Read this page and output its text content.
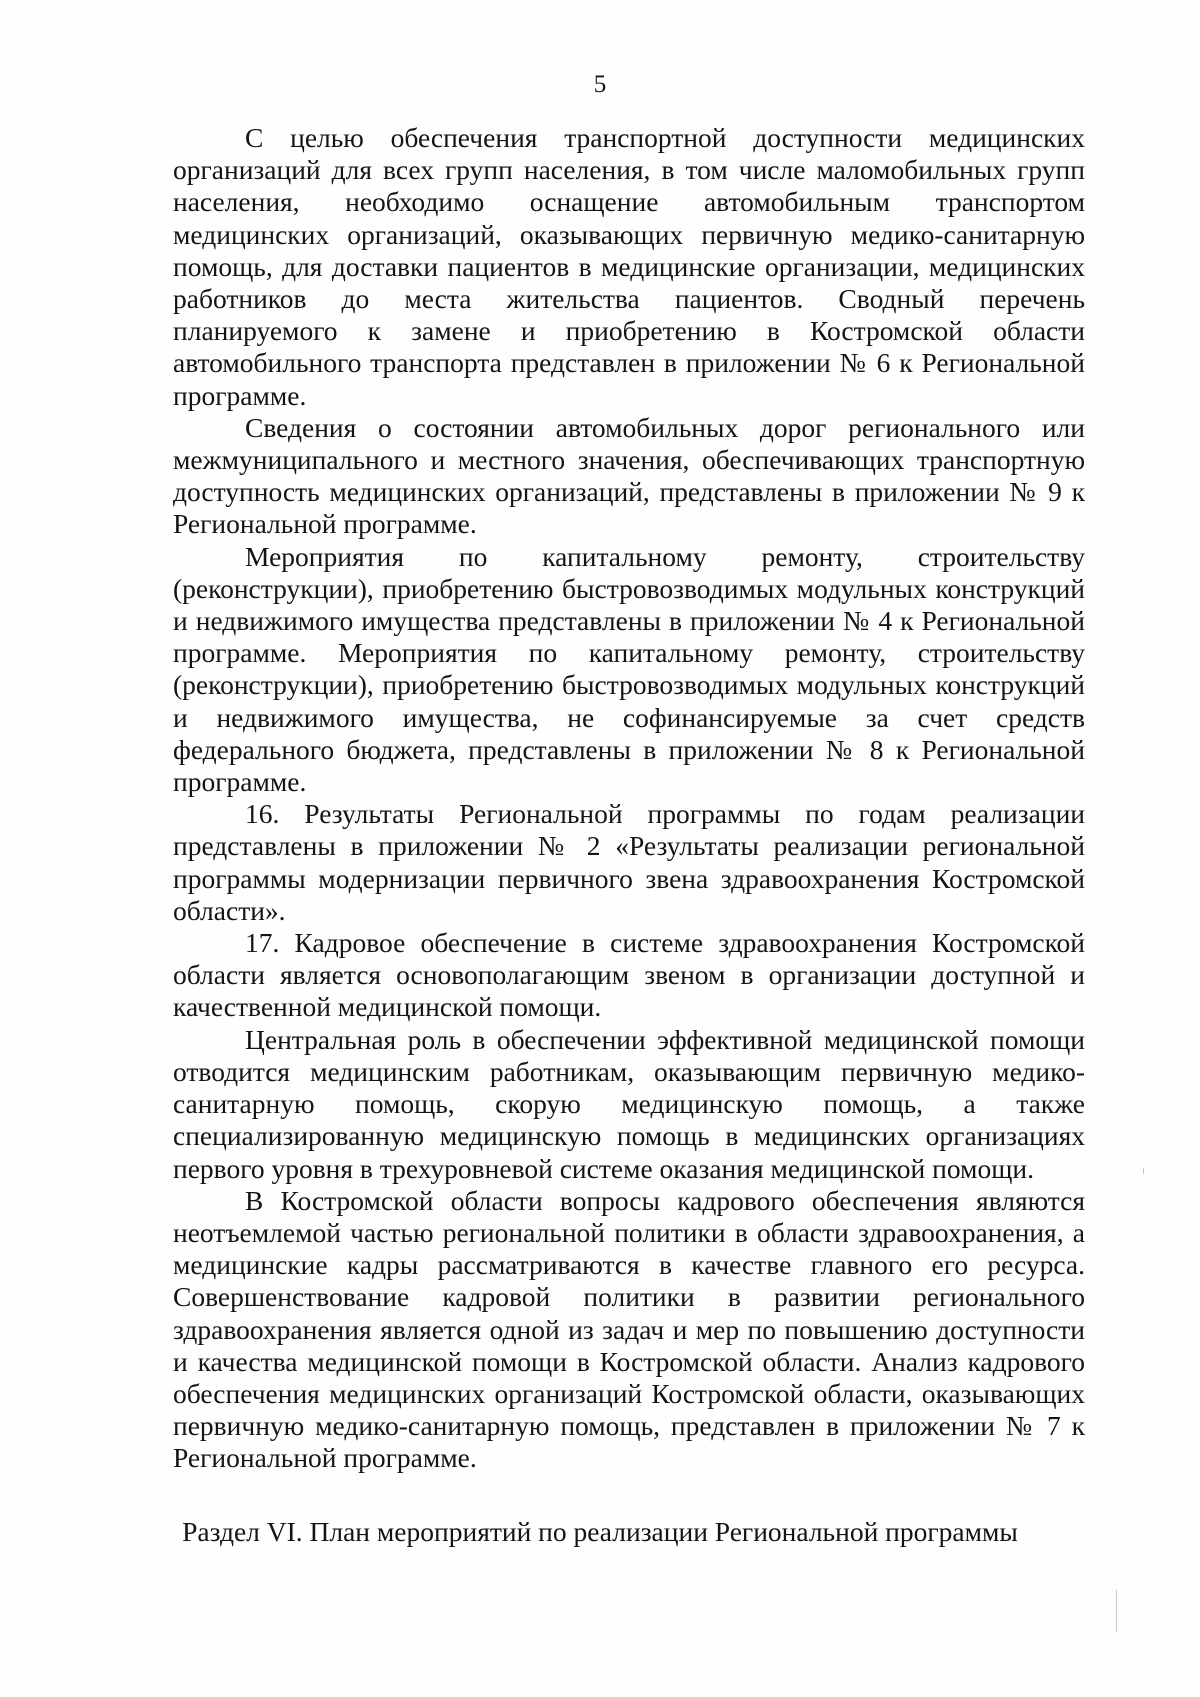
5

С целью обеспечения транспортной доступности медицинских организаций для всех групп населения, в том числе маломобильных групп населения, необходимо оснащение автомобильным транспортом медицинских организаций, оказывающих первичную медико-санитарную помощь, для доставки пациентов в медицинские организации, медицинских работников до места жительства пациентов. Сводный перечень планируемого к замене и приобретению в Костромской области автомобильного транспорта представлен в приложении № 6 к Региональной программе.

Сведения о состоянии автомобильных дорог регионального или межмуниципального и местного значения, обеспечивающих транспортную доступность медицинских организаций, представлены в приложении № 9 к Региональной программе.

Мероприятия по капитальному ремонту, строительству (реконструкции), приобретению быстровозводимых модульных конструкций и недвижимого имущества представлены в приложении № 4 к Региональной программе. Мероприятия по капитальному ремонту, строительству (реконструкции), приобретению быстровозводимых модульных конструкций и недвижимого имущества, не софинансируемые за счет средств федерального бюджета, представлены в приложении № 8 к Региональной программе.

16. Результаты Региональной программы по годам реализации представлены в приложении № 2 «Результаты реализации региональной программы модернизации первичного звена здравоохранения Костромской области».

17. Кадровое обеспечение в системе здравоохранения Костромской области является основополагающим звеном в организации доступной и качественной медицинской помощи.

Центральная роль в обеспечении эффективной медицинской помощи отводится медицинским работникам, оказывающим первичную медико-санитарную помощь, скорую медицинскую помощь, а также специализированную медицинскую помощь в медицинских организациях первого уровня в трехуровневой системе оказания медицинской помощи.

В Костромской области вопросы кадрового обеспечения являются неотъемлемой частью региональной политики в области здравоохранения, а медицинские кадры рассматриваются в качестве главного его ресурса. Совершенствование кадровой политики в развитии регионального здравоохранения является одной из задач и мер по повышению доступности и качества медицинской помощи в Костромской области. Анализ кадрового обеспечения медицинских организаций Костромской области, оказывающих первичную медико-санитарную помощь, представлен в приложении № 7 к Региональной программе.

Раздел VI. План мероприятий по реализации Региональной программы
